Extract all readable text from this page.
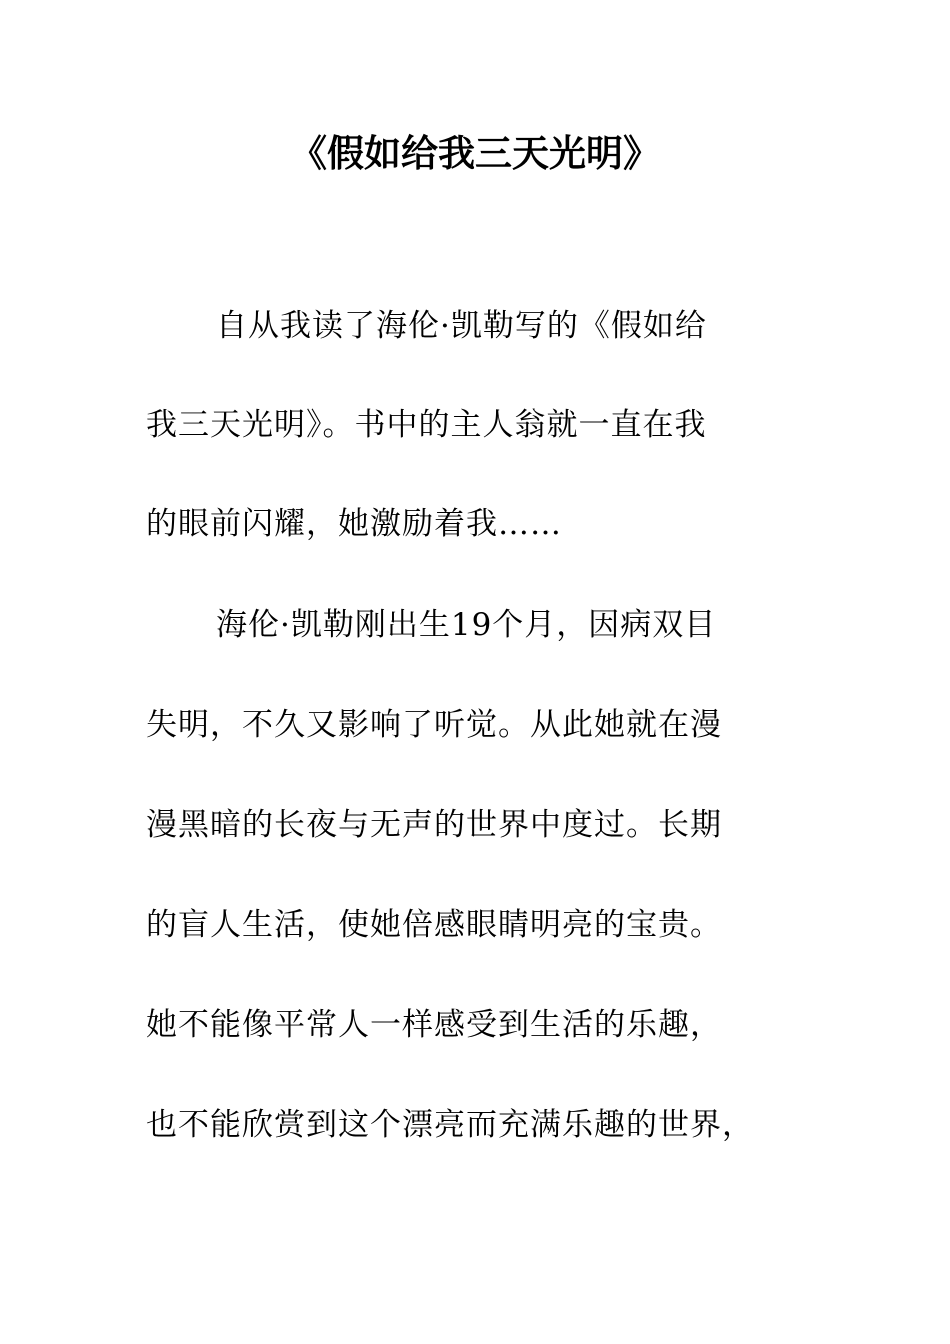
《假如给我三天光明》
自从我读了海伦·凯勒写的《假如给
我三天光明》。书中的主人翁就一直在我
的眼前闪耀，她激励着我……
海伦·凯勒刚出生19个月，因病双目
失明，不久又影响了听觉。从此她就在漫
漫黑暗的长夜与无声的世界中度过。长期
的盲人生活，使她倍感眼睛明亮的宝贵。
她不能像平常人一样感受到生活的乐趣，
也不能欣赏到这个漂亮而充满乐趣的世界，
